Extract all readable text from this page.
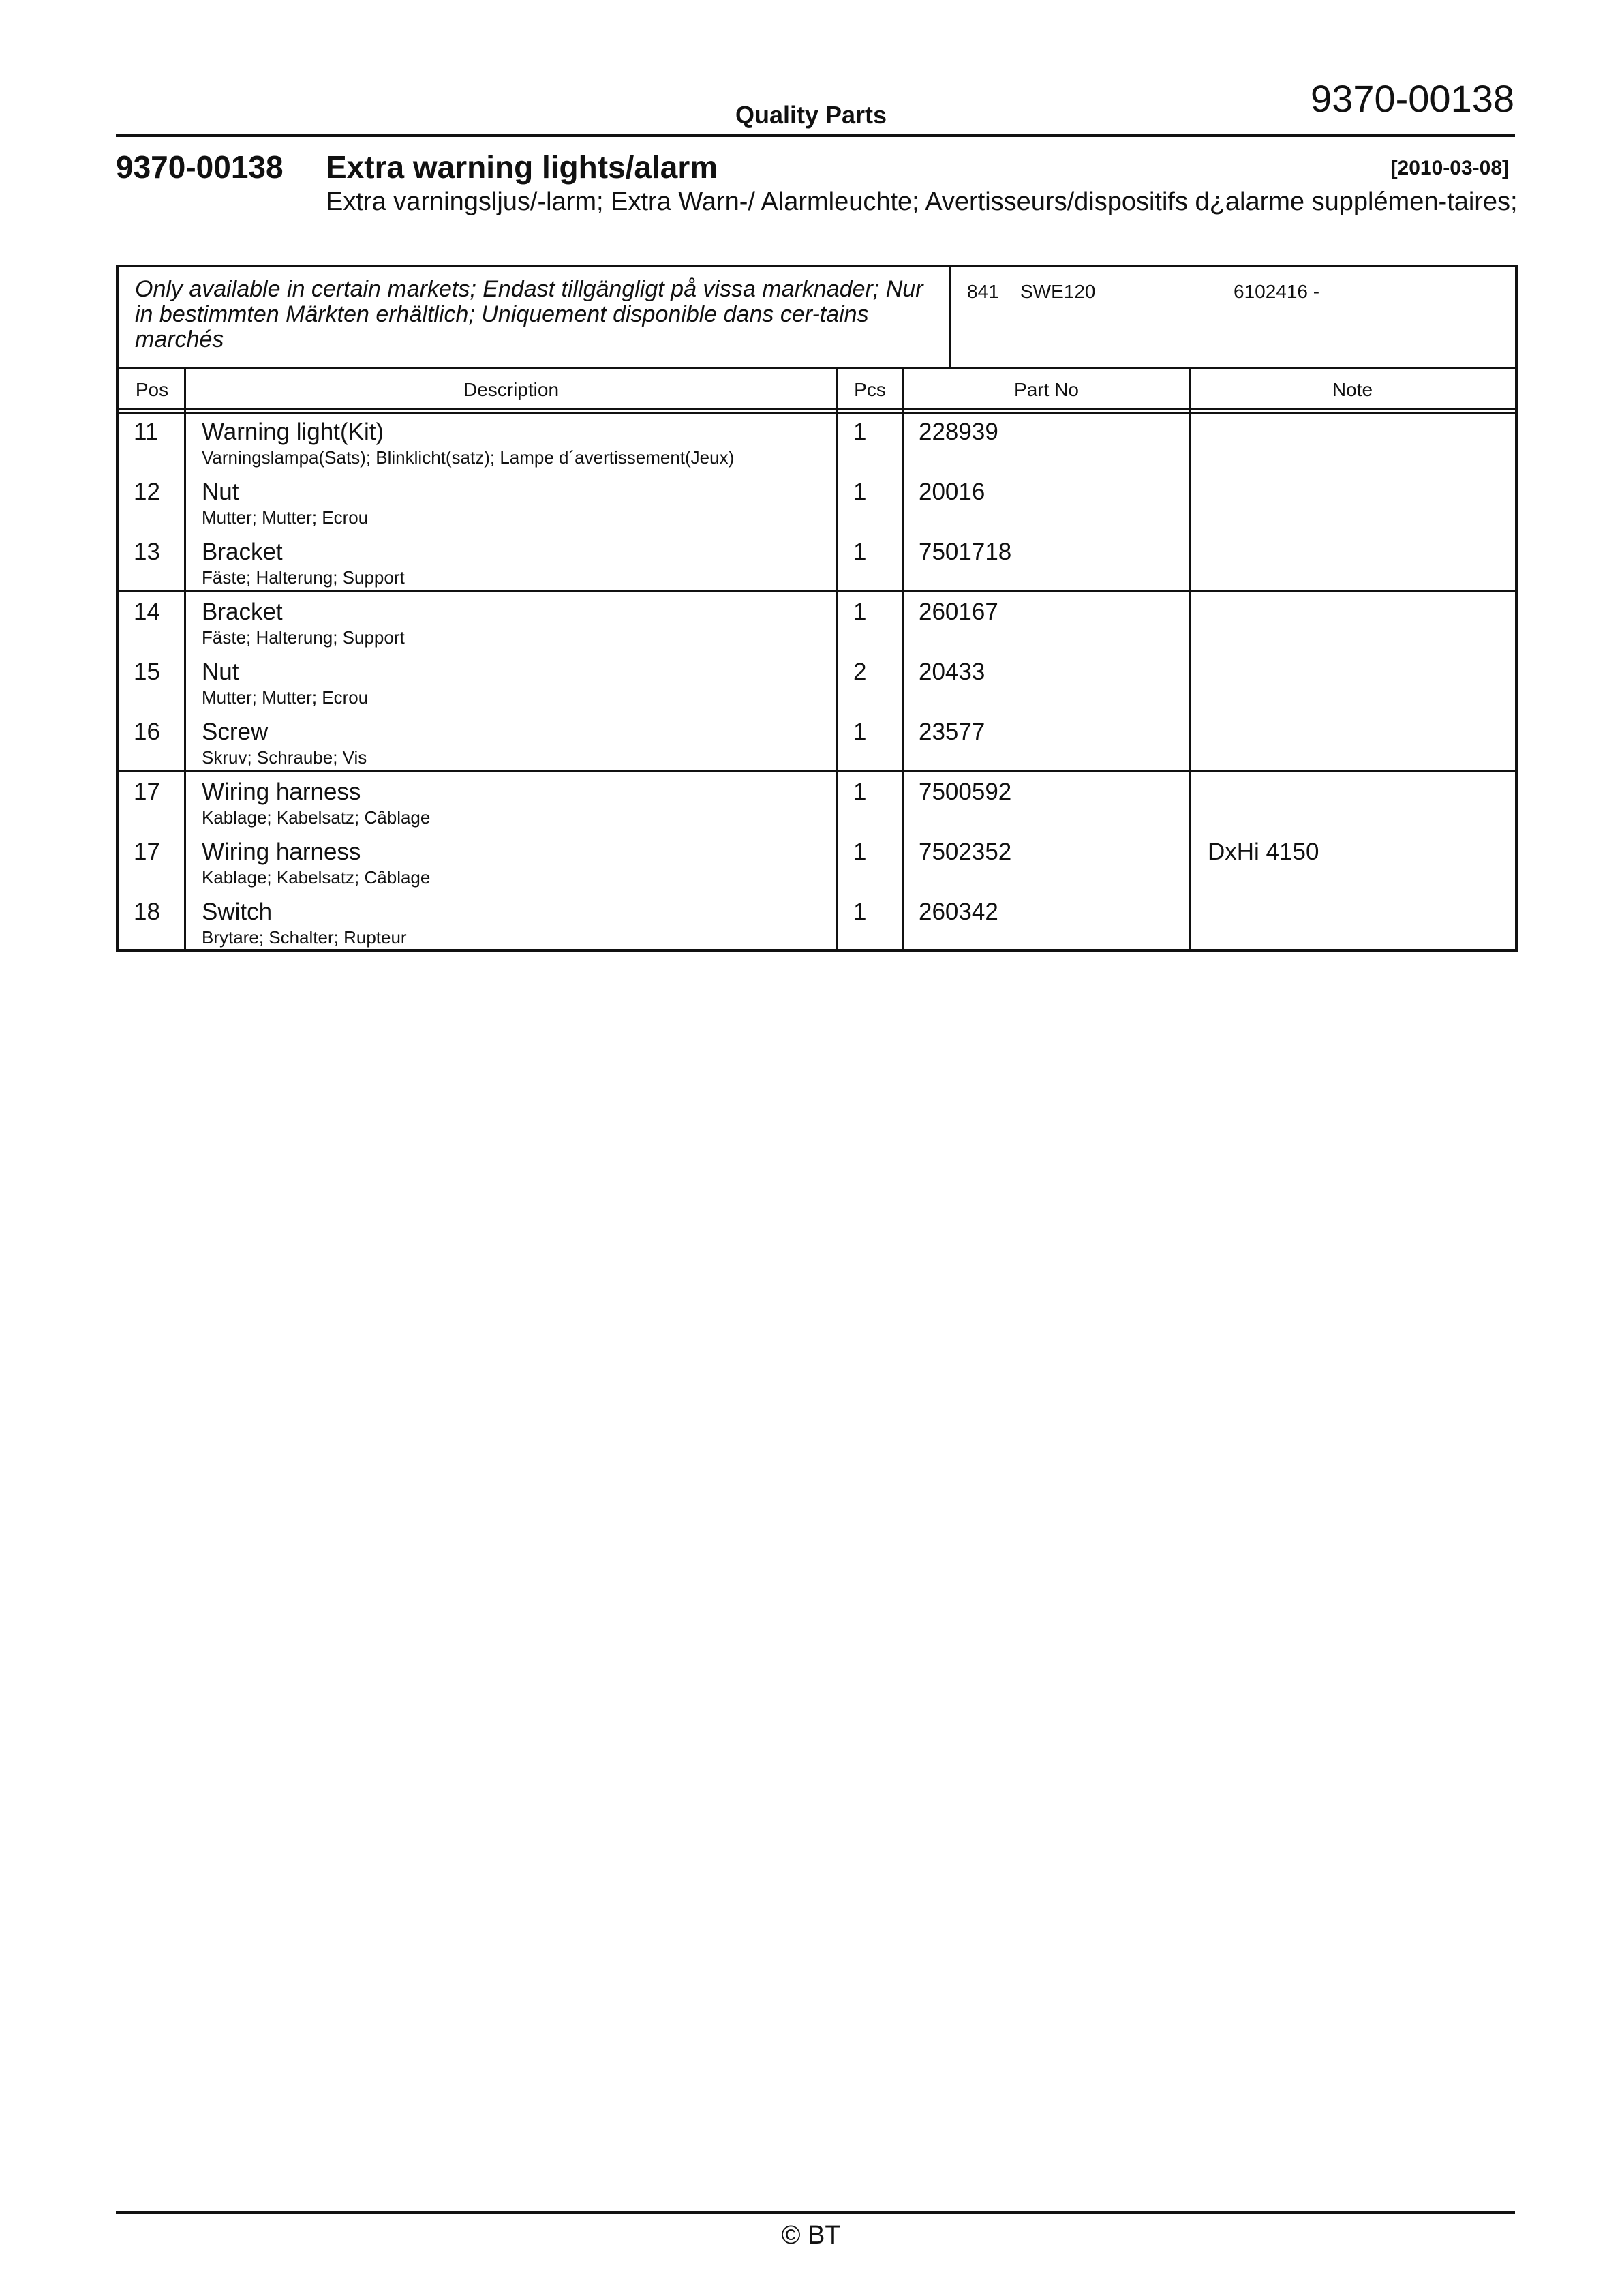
9370-00138
Quality Parts
9370-00138 Extra warning lights/alarm	[2010-03-08]
Extra varningsljus/-larm; Extra Warn-/ Alarmleuchte; Avertisseurs/dispositifs d¿alarme supplémen-taires;
Only available in certain markets; Endast tillgängligt på vissa marknader; Nur in bestimmten Märkten erhältlich; Uniquement disponible dans cer-tains marchés
841 SWE120	6102416 -
Pos	Description	Pcs	Part No	Note
11 Warning light(Kit)
Varningslampa(Sats); Blinklicht(satz); Lampe d´avertissement(Jeux)
1 228939
12 Nut
Mutter; Mutter; Ecrou
1 20016
13 Bracket
Fäste; Halterung; Support
1 7501718
14 Bracket
Fäste; Halterung; Support
1 260167
15 Nut
Mutter; Mutter; Ecrou
2 20433
16 Screw
Skruv; Schraube; Vis
1 23577
17 Wiring harness
Kablage; Kabelsatz; Câblage
1 7500592
17 Wiring harness
Kablage; Kabelsatz; Câblage
1 7502352	DxHi 4150
18 Switch
Brytare; Schalter; Rupteur
1 260342
© BT
